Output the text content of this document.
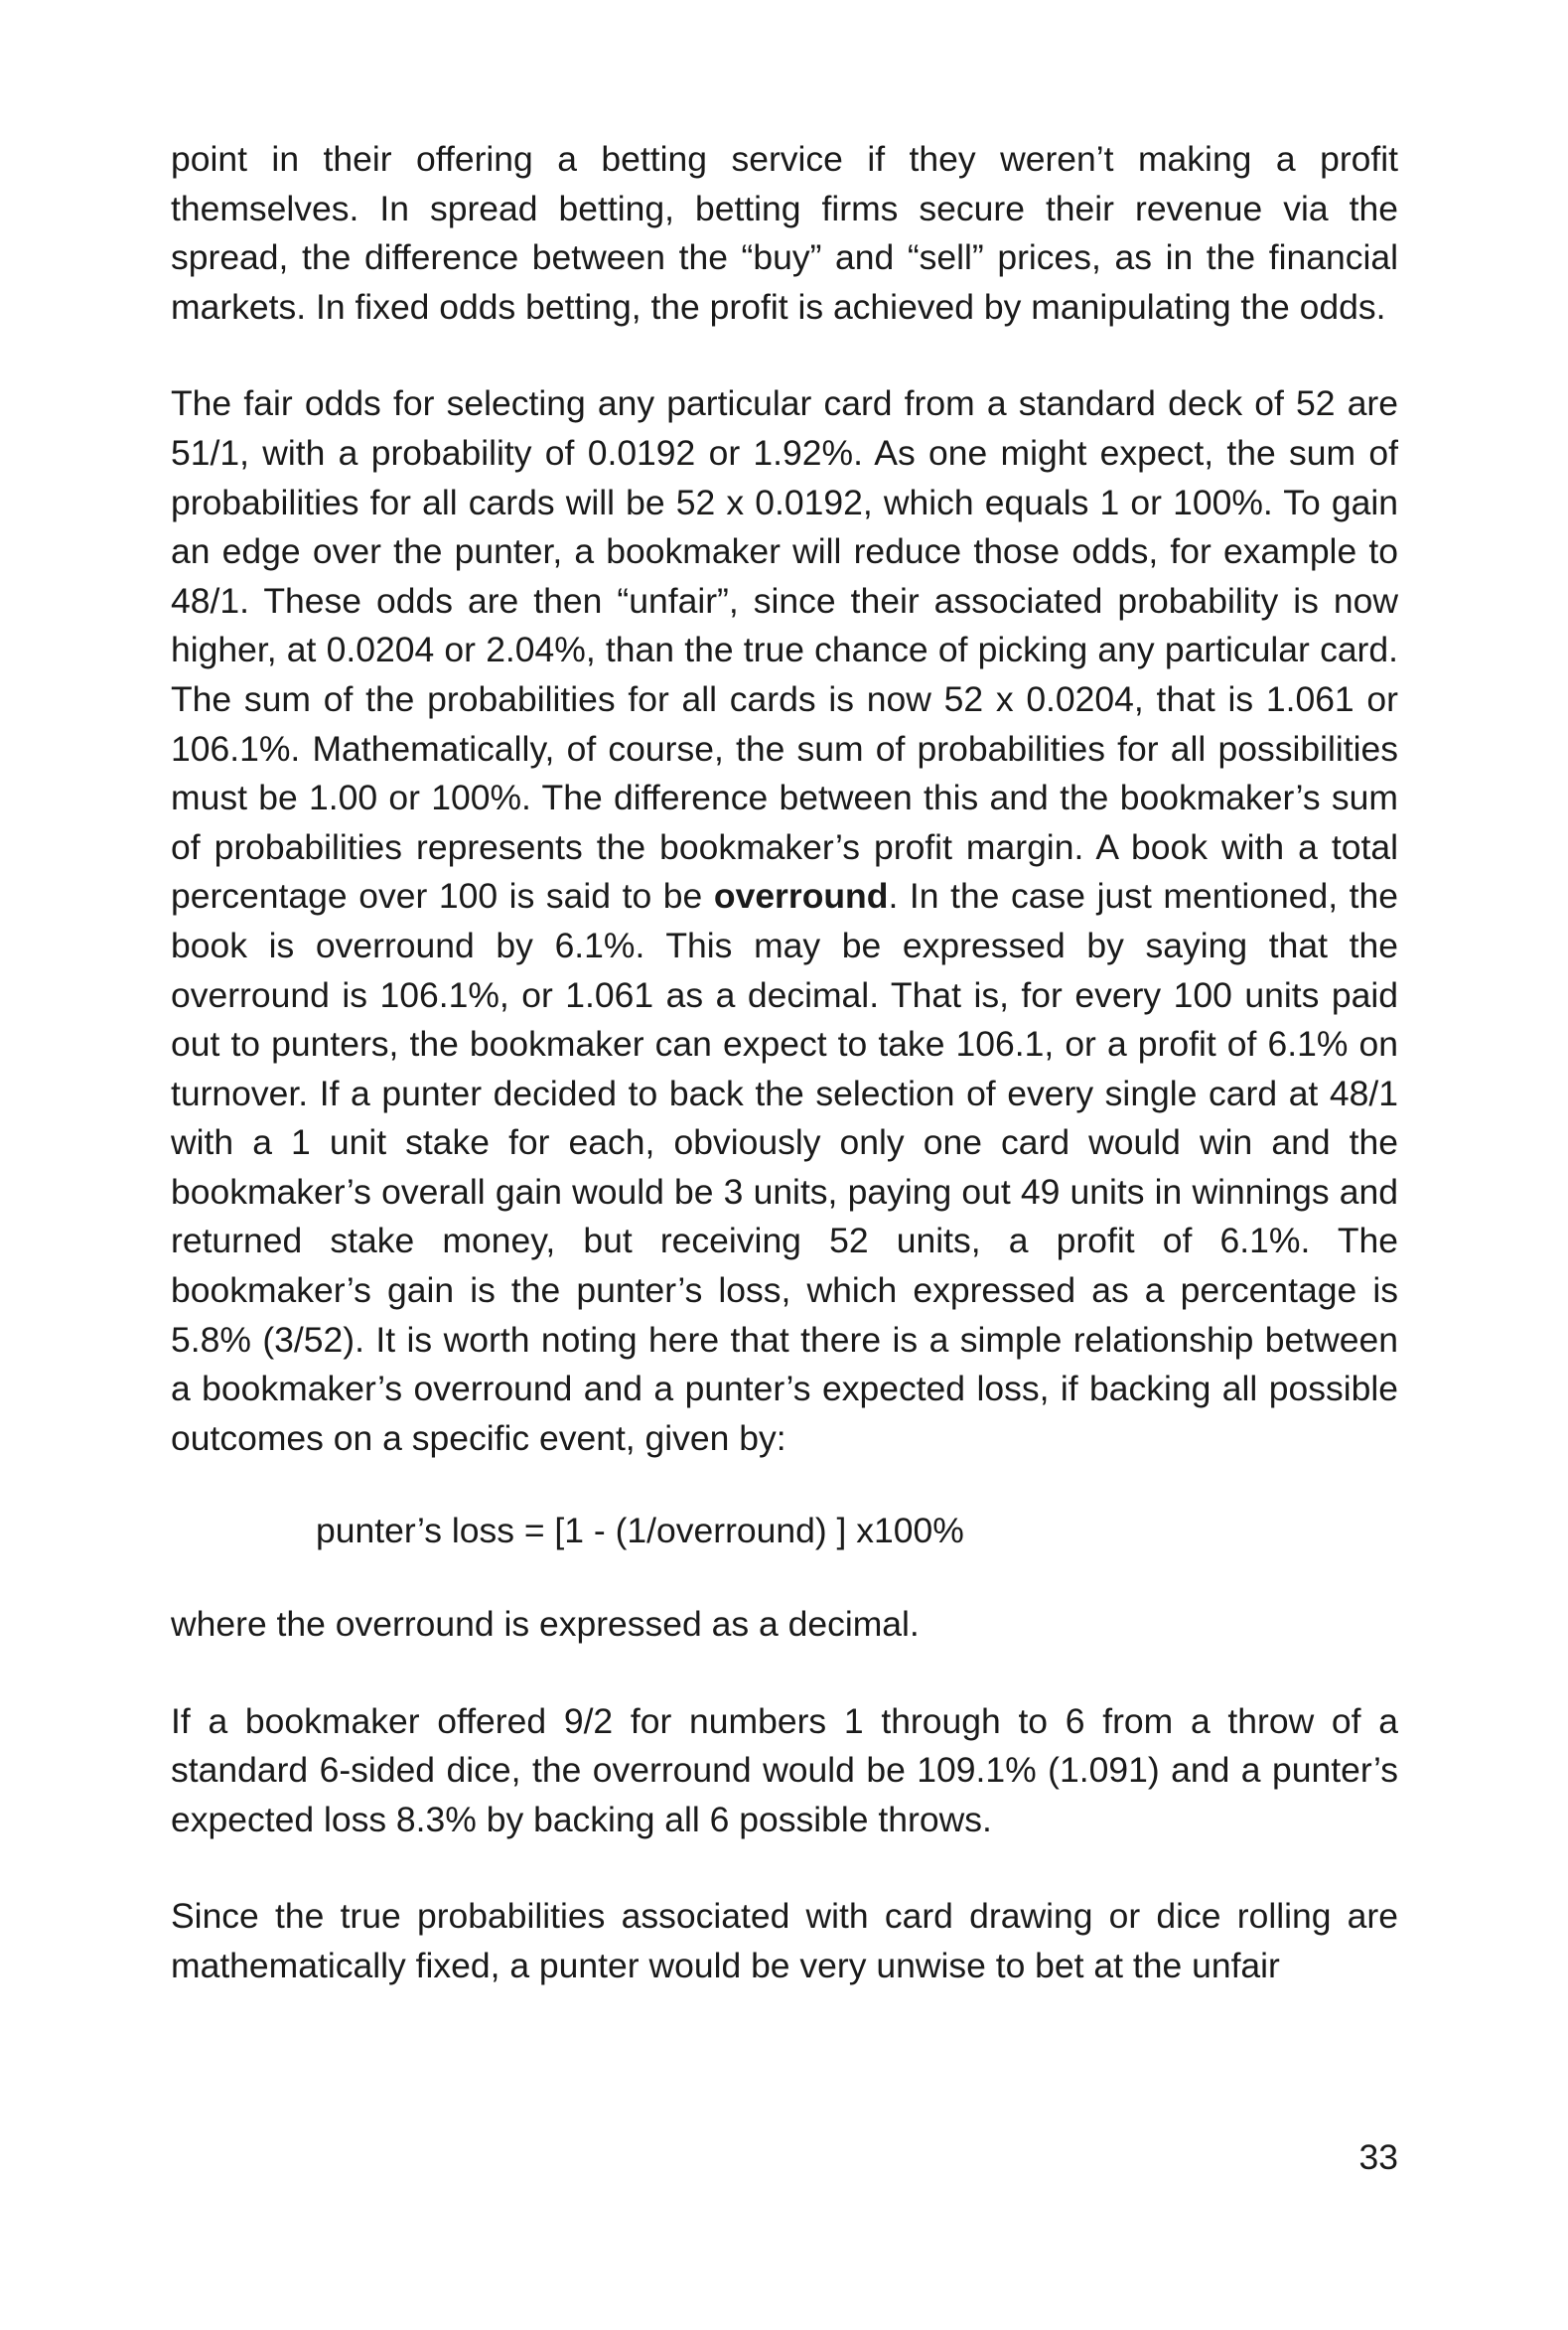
point in their offering a betting service if they weren’t making a profit themselves. In spread betting, betting firms secure their revenue via the spread, the difference between the “buy” and “sell” prices, as in the financial markets. In fixed odds betting, the profit is achieved by manipulating the odds.

The fair odds for selecting any particular card from a standard deck of 52 are 51/1, with a probability of 0.0192 or 1.92%. As one might expect, the sum of probabilities for all cards will be 52 x 0.0192, which equals 1 or 100%. To gain an edge over the punter, a bookmaker will reduce those odds, for example to 48/1. These odds are then “unfair”, since their associated probability is now higher, at 0.0204 or 2.04%, than the true chance of picking any particular card. The sum of the probabilities for all cards is now 52 x 0.0204, that is 1.061 or 106.1%. Mathematically, of course, the sum of probabilities for all possibilities must be 1.00 or 100%. The difference between this and the bookmaker’s sum of probabilities represents the bookmaker’s profit margin. A book with a total percentage over 100 is said to be overround. In the case just mentioned, the book is overround by 6.1%. This may be expressed by saying that the overround is 106.1%, or 1.061 as a decimal. That is, for every 100 units paid out to punters, the bookmaker can expect to take 106.1, or a profit of 6.1% on turnover. If a punter decided to back the selection of every single card at 48/1 with a 1 unit stake for each, obviously only one card would win and the bookmaker’s overall gain would be 3 units, paying out 49 units in winnings and returned stake money, but receiving 52 units, a profit of 6.1%. The bookmaker’s gain is the punter’s loss, which expressed as a percentage is 5.8% (3/52). It is worth noting here that there is a simple relationship between a bookmaker’s overround and a punter’s expected loss, if backing all possible outcomes on a specific event, given by:

punter’s loss = [1 - (1/overround) ] x100%

where the overround is expressed as a decimal.

If a bookmaker offered 9/2 for numbers 1 through to 6 from a throw of a standard 6-sided dice, the overround would be 109.1% (1.091) and a punter’s expected loss 8.3% by backing all 6 possible throws.

Since the true probabilities associated with card drawing or dice rolling are mathematically fixed, a punter would be very unwise to bet at the unfair

33
